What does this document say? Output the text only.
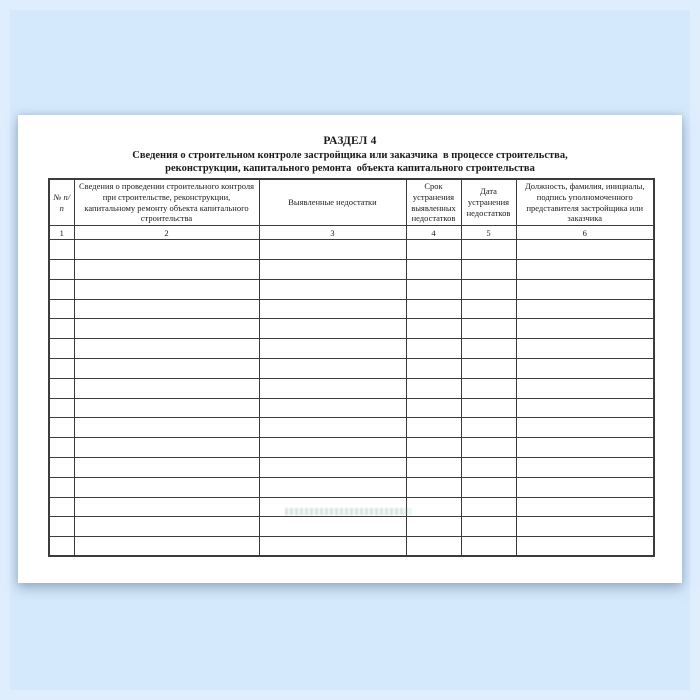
РАЗДЕЛ 4
Сведения о строительном контроле застройщика или заказчика  в процессе строительства,
реконструкции, капитального ремонта  объекта капитального строительства
№ п/п	Сведения о проведении строительного контроля при строительстве, реконструкции, капитальному ремонту объекта капитального строительства	Выявленные недостатки	Срок устранения выявленных недостатков	Дата устранения недостатков	Должность, фамилия, инициалы, подпись уполномоченного представителя застройщика или заказчика
1	2	3	4	5	6
